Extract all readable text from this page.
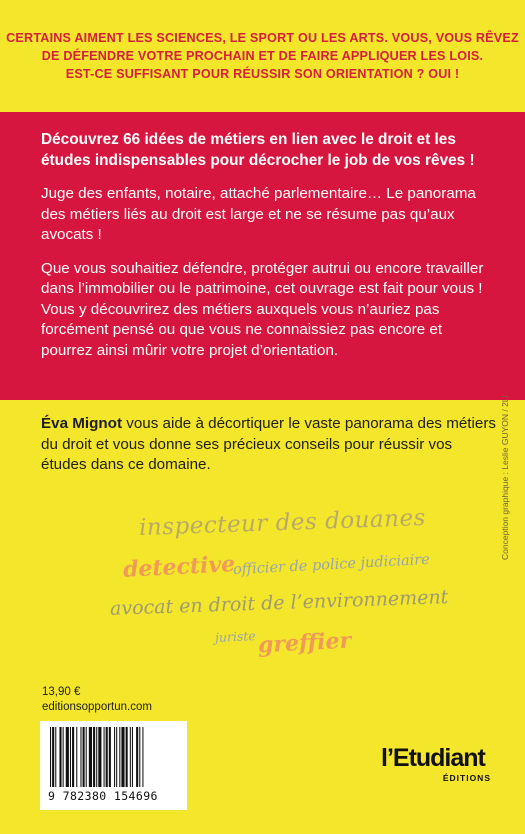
CERTAINS AIMENT LES SCIENCES, LE SPORT OU LES ARTS. VOUS, VOUS RÊVEZ
DE DÉFENDRE VOTRE PROCHAIN ET DE FAIRE APPLIQUER LES LOIS.
EST-CE SUFFISANT POUR RÉUSSIR SON ORIENTATION ? OUI !

Découvrez 66 idées de métiers en lien avec le droit et les études indispensables pour décrocher le job de vos rêves !

Juge des enfants, notaire, attaché parlementaire… Le panorama des métiers liés au droit est large et ne se résume pas qu’aux avocats !

Que vous souhaitiez défendre, protéger autrui ou encore travailler dans l’immobilier ou le patrimoine, cet ouvrage est fait pour vous ! Vous y découvrirez des métiers auxquels vous n’auriez pas forcément pensé ou que vous ne connaissiez pas encore et pourrez ainsi mûrir votre projet d’orientation.

Éva Mignot vous aide à décortiquer le vaste panorama des métiers du droit et vous donne ses précieux conseils pour réussir vos études dans ce domaine.

inspecteur des douanes
detective
officier de police judiciaire
avocat en droit de l’environnement
juriste greffier
13,90 €
editionsopportun.com
9 782380 154696
Conception graphique : Leslie GUYON / 2LI
l’Etudiant
ÉDITIONS
